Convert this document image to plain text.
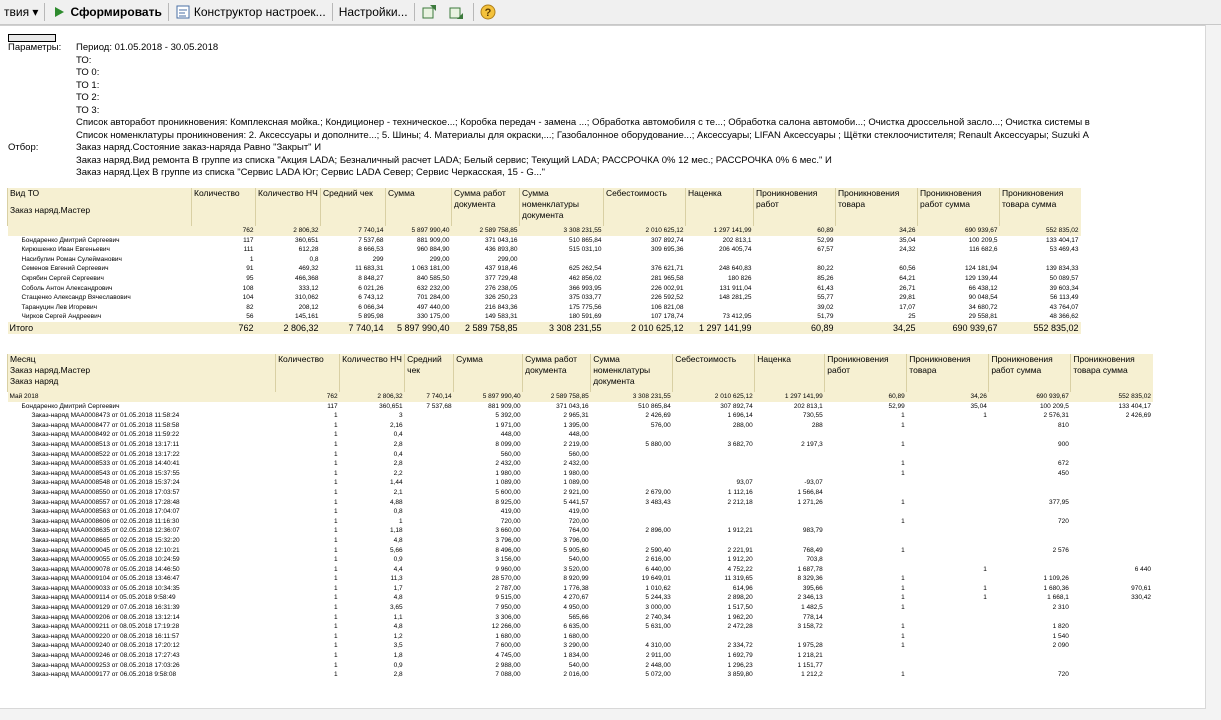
твия ▾	Сформировать	Конструктор настроек... Настройки...	?
Параметры:	Период: 01.05.2018 - 30.05.2018
ТО:
ТО 0:
ТО 1:
ТО 2:
ТО 3:
Список авторабот проникновения: Комплексная мойка.; Кондиционер - техническое...; Коробка передач - замена ...; Обработка автомобиля с те...; Обработка салона автомоби...; Очистка дроссельной засло...; Очистка системы в
Список номенклатуры проникновения: 2. Аксессуары и дополните...; 5. Шины; 4. Материалы для окраски,...; Газобалонное оборудование...; Аксессуары; LIFAN Аксессуары ; Щётки стеклоочистителя; Renault Аксессуары; Suzuki А
Отбор:	Заказ наряд.Состояние заказ-наряда Равно "Закрыт" И
Заказ наряд.Вид ремонта В группе из списка "Акция LADA; Безналичный расчет LADA; Белый сервис; Текущий LADA; РАССРОЧКА 0% 12 мес.; РАССРОЧКА 0% 6 мес." И
Заказ наряд.Цех В группе из списка "Сервис LADA Юг; Сервис LADA Север; Сервис Черкасская, 15 - G..."
Вид ТО
Заказ наряд.Мастер	Количество	Количество НЧ	Средний чек	Сумма	Сумма работ документа	Сумма номенклатуры документа	Себестоимость	Наценка	Проникновения работ	Проникновения товара	Проникновения работ сумма	Проникновения товара сумма
	762	2 806,32	7 740,14	5 897 990,40	2 589 758,85	3 308 231,55	2 010 625,12	1 297 141,99	60,89	34,26	690 939,67	552 835,02
Бондаренко Дмитрий Сергеевич	117	360,651	7 537,68	881 909,00	371 043,16	510 865,84	307 892,74	202 813,1	52,99	35,04	100 209,5	133 404,17
Кирюшенко Иван Евгеньевич	111	612,28	8 666,53	960 884,90	436 893,80	515 031,10	309 695,36	206 405,74	67,57	24,32	116 682,6	53 469,43
Насибулин Роман Сулейманович	1	0,8	299	299,00	299,00							
Семенов Евгений Сергеевич	91	469,32	11 683,31	1 063 181,00	437 918,46	625 262,54	376 621,71	248 640,83	80,22	60,56	124 181,94	139 834,33
Скрябин Сергей Сергеевич	95	466,368	8 848,27	840 585,50	377 729,48	462 856,02	281 965,58	180 826	85,26	64,21	129 139,44	50 089,57
Соболь Антон Александрович	108	333,12	6 021,26	632 232,00	276 238,05	366 993,95	226 002,91	131 911,04	61,43	26,71	66 438,12	39 603,34
Стащенко Александр Вячеславович	104	310,062	6 743,12	701 284,00	326 250,23	375 033,77	226 592,52	148 281,25	55,77	29,81	90 048,54	56 113,49
Тарануцин Лев Игоревич	82	208,12	6 066,34	497 440,00	216 843,36	175 775,56	106 821,08		39,02	17,07	34 680,72	43 764,07
Чирков Сергей Андреевич	56	145,161	5 895,98	330 175,00	149 583,31	180 591,69	107 178,74	73 412,95	51,79	25	29 558,81	48 366,62
Итого	762	2 806,32	7 740,14	5 897 990,40	2 589 758,85	3 308 231,55	2 010 625,12	1 297 141,99	60,89	34,25	690 939,67	552 835,02
Месяц
Заказ наряд.Мастер
Заказ наряд	Количество	Количество НЧ	Средний чек	Сумма	Сумма работ документа	Сумма номенклатуры документа	Себестоимость	Наценка	Проникновения работ	Проникновения товара	Проникновения работ сумма	Проникновения товара сумма
Май 2018	762	2 806,32	7 740,14	5 897 990,40	2 589 758,85	3 308 231,55	2 010 625,12	1 297 141,99	60,89	34,26	690 939,67	552 835,02
Бондаренко Дмитрий Сергеевич	117	360,651	7 537,68	881 909,00	371 043,16	510 865,84	307 892,74	202 813,1	52,99	35,04	100 209,5	133 404,17
Заказ-наряд МАА0008473 от 01.05.2018 11:58:24	1	3		5 392,00	2 965,31	2 426,69	1 696,14	730,55	1	1	2 576,31	2 426,69
Заказ-наряд МАА0008477 от 01.05.2018 11:58:58	1	2,16		1 971,00	1 395,00	576,00	288,00	288	1		810	
Заказ-наряд МАА0008492 от 01.05.2018 11:59:22	1	0,4		448,00	448,00							
Заказ-наряд МАА0008513 от 01.05.2018 13:17:11	1	2,8		8 099,00	2 219,00	5 880,00	3 682,70	2 197,3	1		900	
Заказ-наряд МАА0008522 от 01.05.2018 13:17:22	1	0,4		560,00	560,00							
Заказ-наряд МАА0008533 от 01.05.2018 14:40:41	1	2,8		2 432,00	2 432,00				1		672	
Заказ-наряд МАА0008543 от 01.05.2018 15:37:55	1	2,2		1 980,00	1 980,00				1		450	
Заказ-наряд МАА0008548 от 01.05.2018 15:37:24	1	1,44		1 089,00	1 089,00		93,07	-93,07				
Заказ-наряд МАА0008550 от 01.05.2018 17:03:57	1	2,1		5 600,00	2 921,00	2 679,00	1 112,16	1 566,84				
Заказ-наряд МАА0008557 от 01.05.2018 17:28:48	1	4,88		8 925,00	5 441,57	3 483,43	2 212,18	1 271,26	1		377,95	
Заказ-наряд МАА0008563 от 01.05.2018 17:04:07	1	0,8		419,00	419,00							
Заказ-наряд МАА0008606 от 02.05.2018 11:16:30	1	1		720,00	720,00				1		720	
Заказ-наряд МАА0008635 от 02.05.2018 12:36:07	1	1,18		3 660,00	764,00	2 896,00	1 912,21	983,79				
Заказ-наряд МАА0008665 от 02.05.2018 15:32:20	1	4,8		3 796,00	3 796,00							
Заказ-наряд МАА0009045 от 05.05.2018 12:10:21	1	5,66		8 496,00	5 905,60	2 590,40	2 221,91	768,49	1		2 576	
Заказ-наряд МАА0009055 от 05.05.2018 10:24:59	1	0,9		3 156,00	540,00	2 616,00	1 912,20	703,8				
Заказ-наряд МАА0009078 от 05.05.2018 14:46:50	1	4,4		9 960,00	3 520,00	6 440,00	4 752,22	1 687,78		1		6 440
Заказ-наряд МАА0009104 от 05.05.2018 13:46:47	1	11,3		28 570,00	8 920,99	19 649,01	11 319,65	8 329,36	1		1 109,26	
Заказ-наряд МАА0009033 от 05.05.2018 10:34:35	1	1,7		2 787,00	1 776,38	1 010,62	614,96	395,66	1	1	1 680,36	970,61
Заказ-наряд МАА0009114 от 05.05.2018 9:58:49	1	4,8		9 515,00	4 270,67	5 244,33	2 898,20	2 346,13	1	1	1 668,1	330,42
Заказ-наряд МАА0009129 от 07.05.2018 16:31:39	1	3,65		7 950,00	4 950,00	3 000,00	1 517,50	1 482,5	1		2 310	
Заказ-наряд МАА0009206 от 08.05.2018 13:12:14	1	1,1		3 306,00	565,66	2 740,34	1 962,20	778,14				
Заказ-наряд МАА0009211 от 08.05.2018 17:19:28	1	4,8		12 266,00	6 635,00	5 631,00	2 472,28	3 158,72	1		1 820	
Заказ-наряд МАА0009220 от 08.05.2018 16:11:57	1	1,2		1 680,00	1 680,00				1		1 540	
Заказ-наряд МАА0009240 от 08.05.2018 17:20:12	1	3,5		7 600,00	3 290,00	4 310,00	2 334,72	1 975,28	1		2 090	
Заказ-наряд МАА0009246 от 08.05.2018 17:27:43	1	1,8		4 745,00	1 834,00	2 911,00	1 692,79	1 218,21				
Заказ-наряд МАА0009253 от 08.05.2018 17:03:26	1	0,9		2 988,00	540,00	2 448,00	1 296,23	1 151,77				
Заказ-наряд МАА0009177 от 06.05.2018 9:58:08	1	2,8		7 088,00	2 016,00	5 072,00	3 859,80	1 212,2	1		720	
